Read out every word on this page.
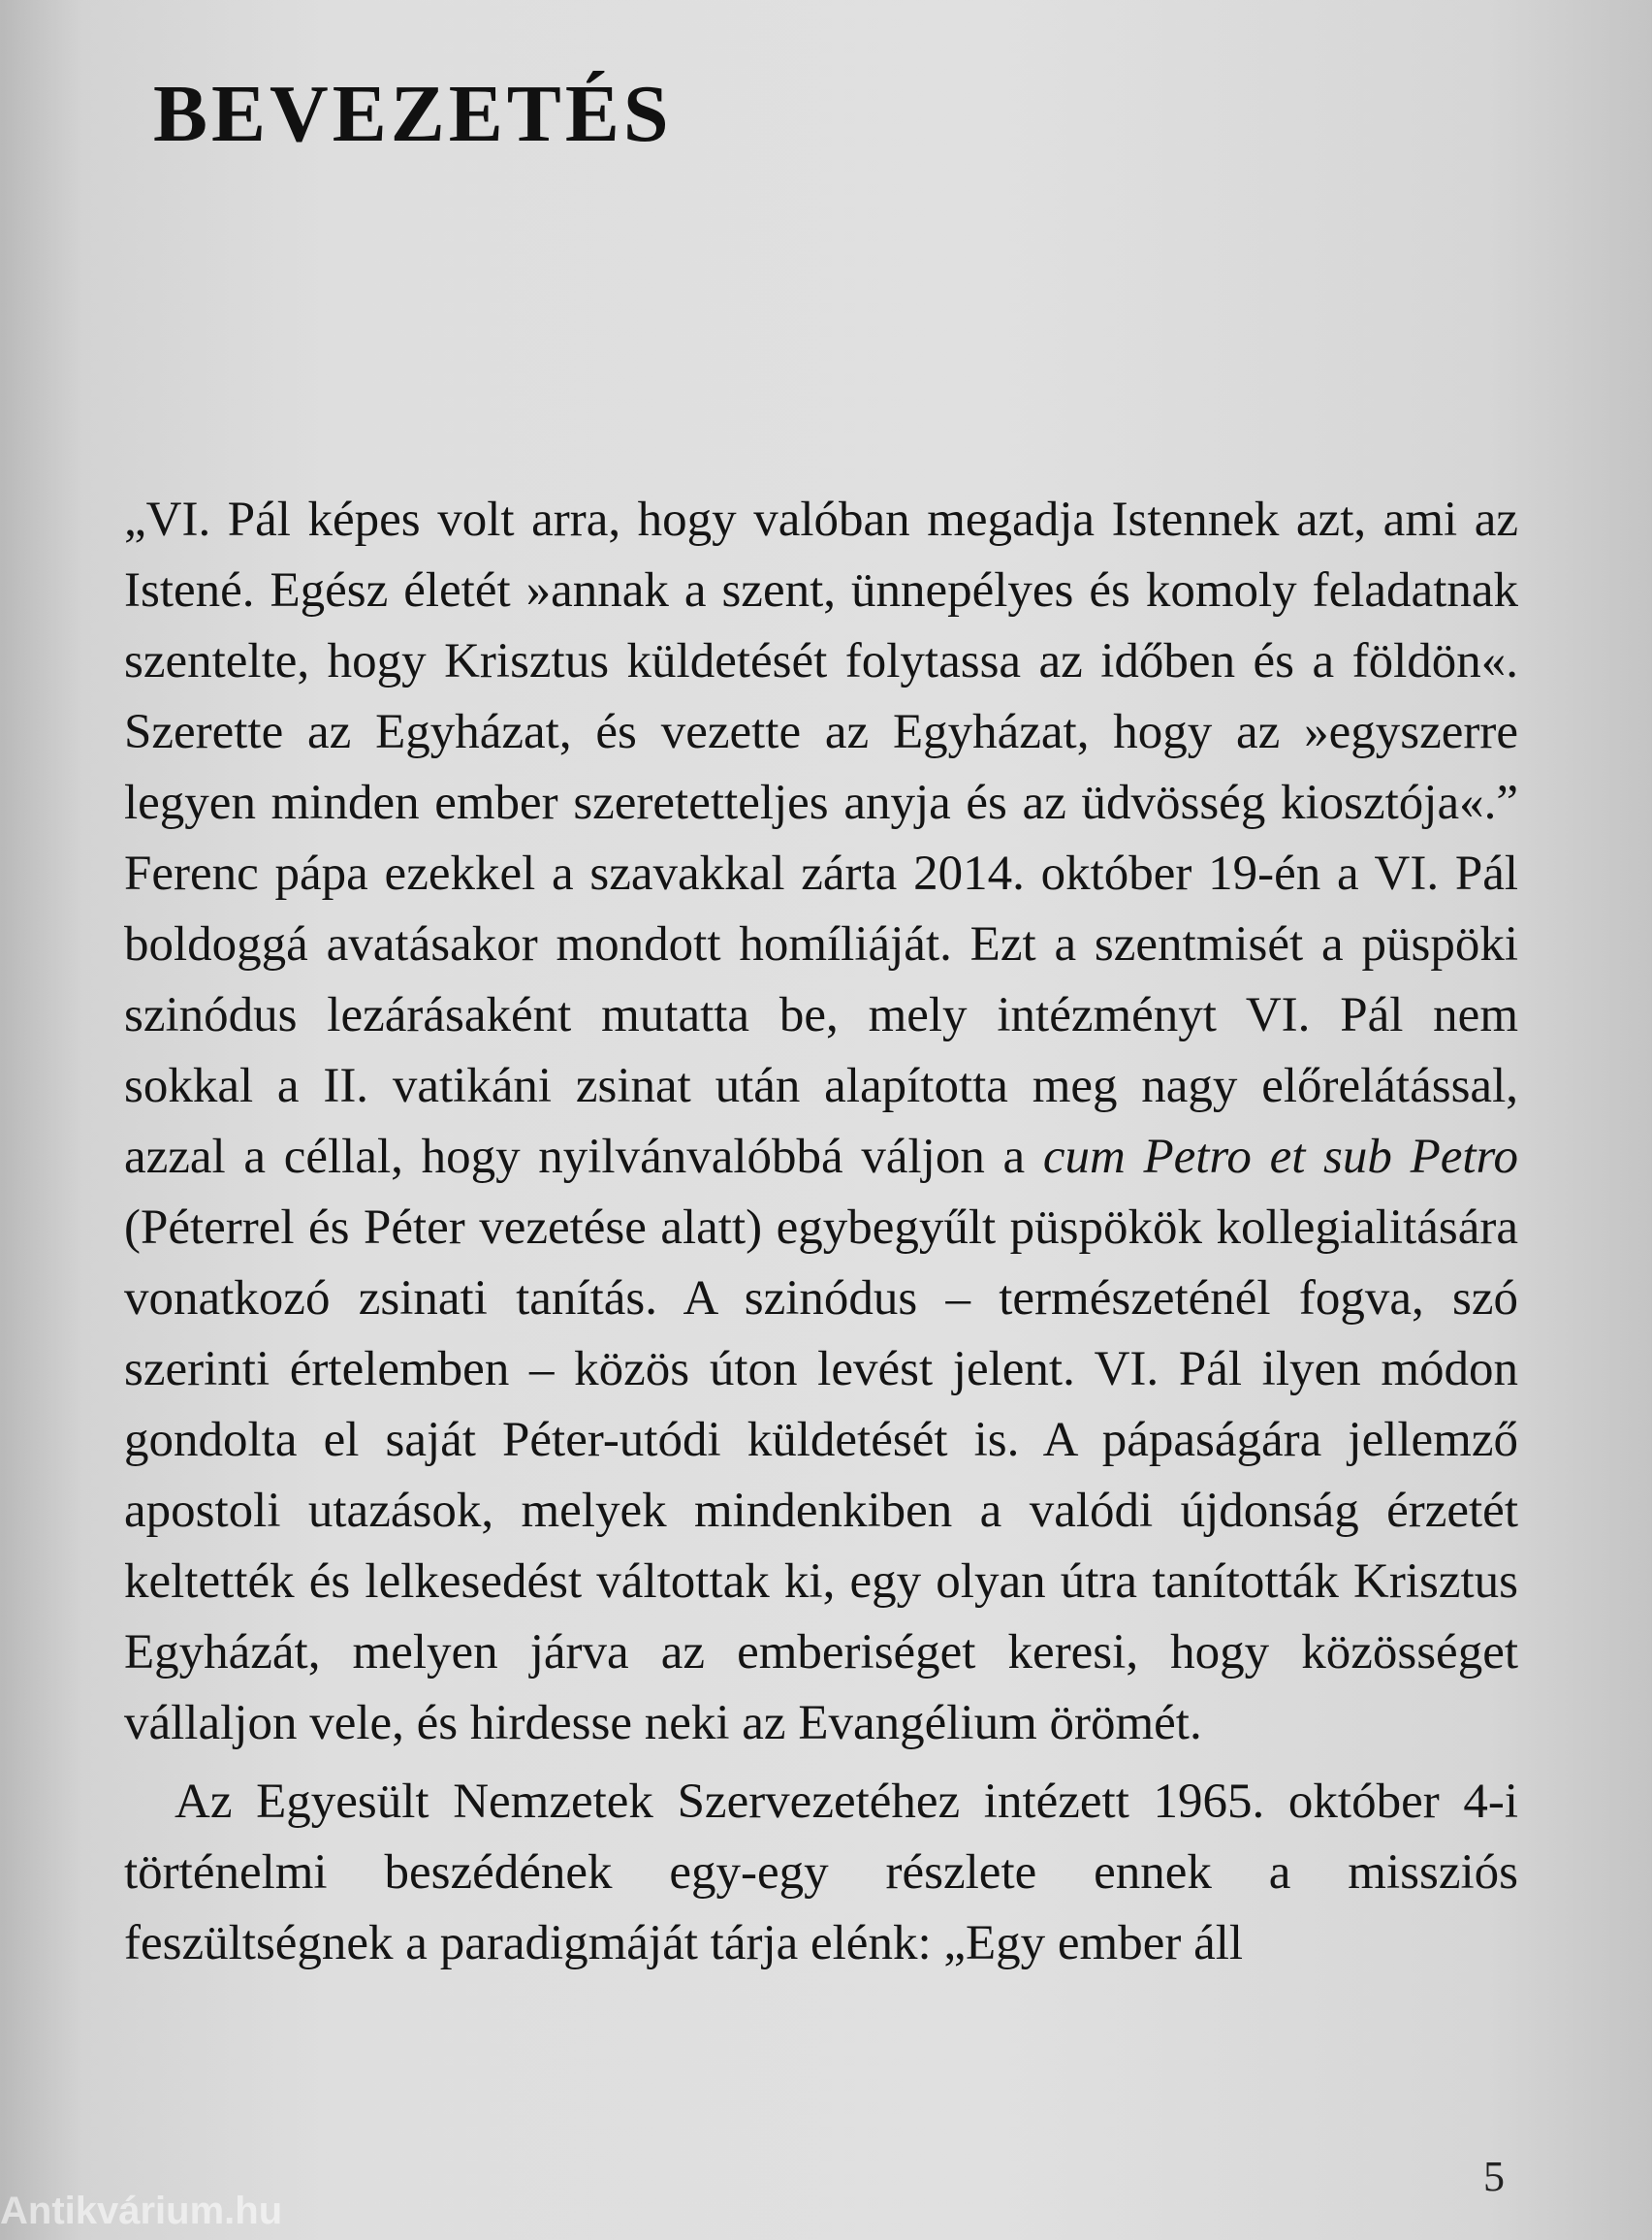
BEVEZETÉS

„VI. Pál képes volt arra, hogy valóban megadja Istennek azt, ami az Istené. Egész életét »annak a szent, ünnepélyes és komoly feladatnak szentelte, hogy Krisztus küldetését folytassa az időben és a földön«. Szerette az Egyházat, és vezette az Egyházat, hogy az »egyszerre legyen minden ember szeretetteljes anyja és az üdvösség kiosztója«.” Ferenc pápa ezekkel a szavakkal zárta 2014. október 19-én a VI. Pál boldoggá avatásakor mondott homíliáját. Ezt a szentmisét a püspöki szinódus lezárásaként mutatta be, mely intézményt VI. Pál nem sokkal a II. vatikáni zsinat után alapította meg nagy előrelátással, azzal a céllal, hogy nyilvánvalóbbá váljon a cum Petro et sub Petro (Péterrel és Péter vezetése alatt) egybegyűlt püspökök kollegialitására vonatkozó zsinati tanítás. A szinódus – természeténél fogva, szó szerinti értelemben – közös úton levést jelent. VI. Pál ilyen módon gondolta el saját Péter-utódi küldetését is. A pápaságára jellemző apostoli utazások, melyek mindenkiben a valódi újdonság érzetét keltették és lelkesedést váltottak ki, egy olyan útra tanították Krisztus Egyházát, melyen járva az emberiséget keresi, hogy közösséget vállaljon vele, és hirdesse neki az Evangélium örömét.

Az Egyesült Nemzetek Szervezetéhez intézett 1965. október 4-i történelmi beszédének egy-egy részlete ennek a missziós feszültségnek a paradigmáját tárja elénk: „Egy ember áll

5
Antikvárium.hu
